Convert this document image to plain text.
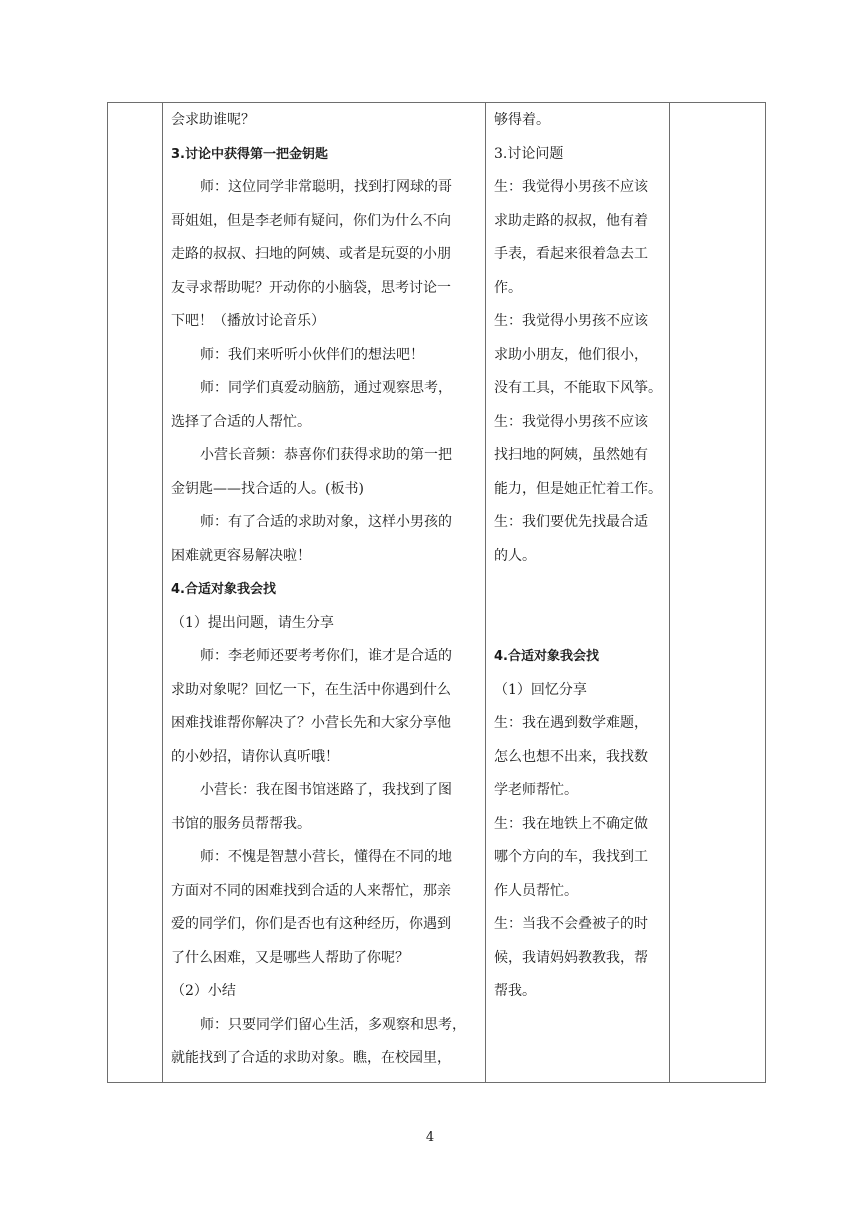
会求助谁呢？

3.讨论中获得第一把金钥匙

师：这位同学非常聪明，找到打网球的哥

哥姐姐，但是李老师有疑问，你们为什么不向

走路的叔叔、扫地的阿姨、或者是玩耍的小朋

友寻求帮助呢？开动你的小脑袋，思考讨论一

下吧！（播放讨论音乐）

师：我们来听听小伙伴们的想法吧！

师：同学们真爱动脑筋，通过观察思考，

选择了合适的人帮忙。

小营长音频：恭喜你们获得求助的第一把

金钥匙——找合适的人。(板书)

师：有了合适的求助对象，这样小男孩的

困难就更容易解决啦！

4.合适对象我会找

（1）提出问题，请生分享

师：李老师还要考考你们，谁才是合适的

求助对象呢？回忆一下，在生活中你遇到什么

困难找谁帮你解决了？小营长先和大家分享他

的小妙招，请你认真听哦！

小营长：我在图书馆迷路了，我找到了图

书馆的服务员帮帮我。

师：不愧是智慧小营长，懂得在不同的地

方面对不同的困难找到合适的人来帮忙，那亲

爱的同学们，你们是否也有这种经历，你遇到

了什么困难，又是哪些人帮助了你呢？

（2）小结

师：只要同学们留心生活，多观察和思考，

就能找到了合适的求助对象。瞧，在校园里，

够得着。

3.讨论问题

生：我觉得小男孩不应该

求助走路的叔叔，他有着

手表，看起来很着急去工

作。

生：我觉得小男孩不应该

求助小朋友，他们很小，

没有工具，不能取下风筝。

生：我觉得小男孩不应该

找扫地的阿姨，虽然她有

能力，但是她正忙着工作。

生：我们要优先找最合适

的人。

4.合适对象我会找

（1）回忆分享

生：我在遇到数学难题，

怎么也想不出来，我找数

学老师帮忙。

生：我在地铁上不确定做

哪个方向的车，我找到工

作人员帮忙。

生：当我不会叠被子的时

候，我请妈妈教教我，帮

帮我。

4
